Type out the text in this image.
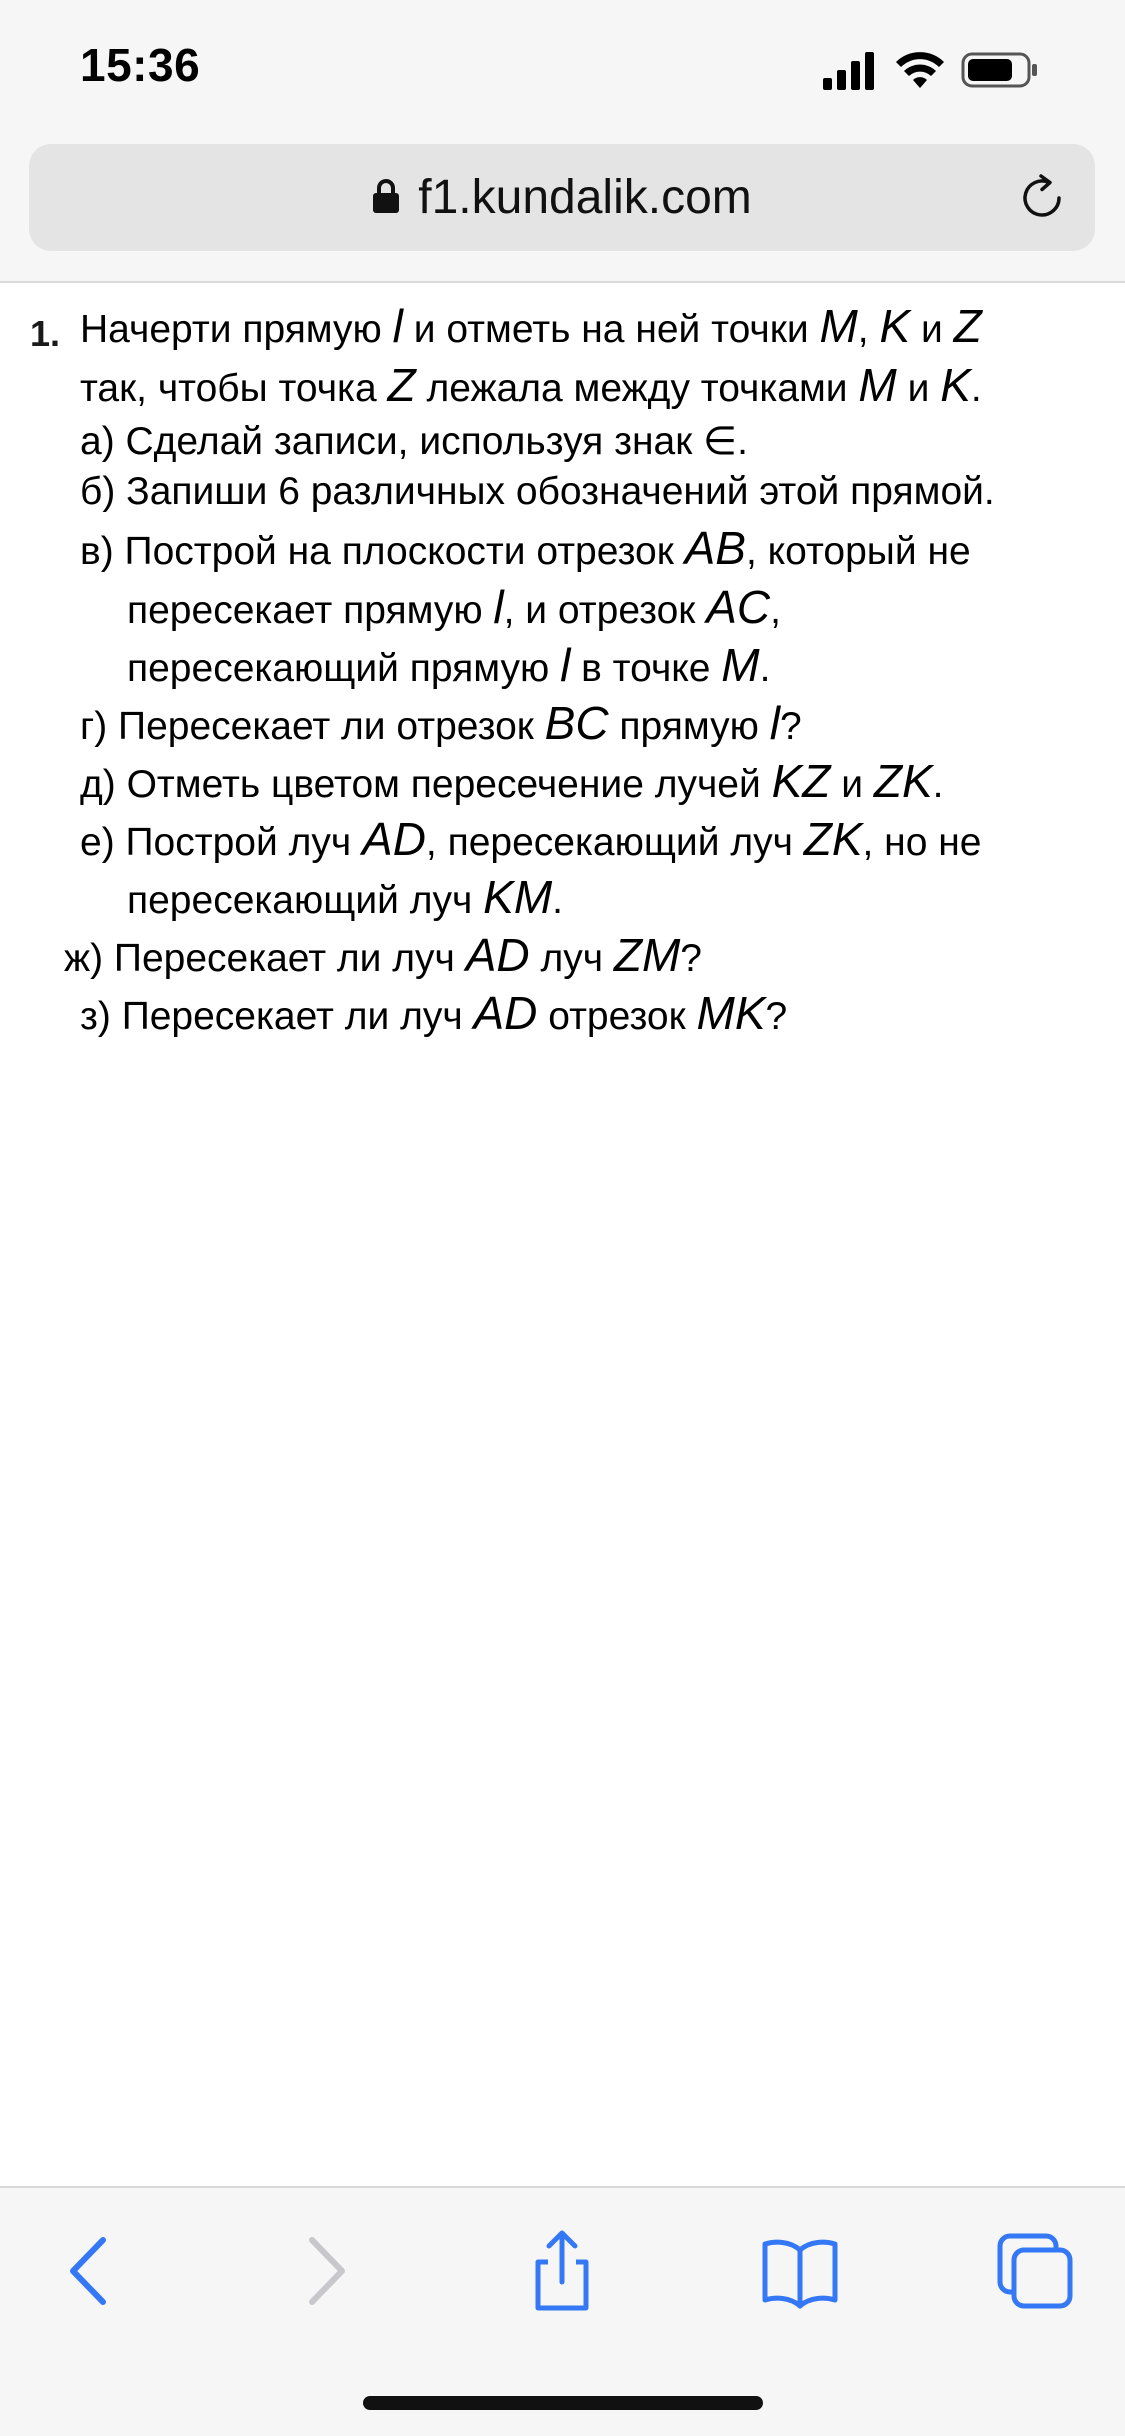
15:36
f1.kundalik.com
1. Начерти прямую l и отметь на ней точки M, K и Z
так, чтобы точка Z лежала между точками M и K.
а) Сделай записи, используя знак ∈.
б) Запиши 6 различных обозначений этой прямой.
в) Построй на плоскости отрезок AB, который не
пересекает прямую l, и отрезок AC,
пересекающий прямую l в точке M.
г) Пересекает ли отрезок BC прямую l?
д) Отметь цветом пересечение лучей KZ и ZK.
е) Построй луч AD, пересекающий луч ZK, но не
пересекающий луч KM.
ж) Пересекает ли луч AD луч ZM?
з) Пересекает ли луч AD отрезок MK?
